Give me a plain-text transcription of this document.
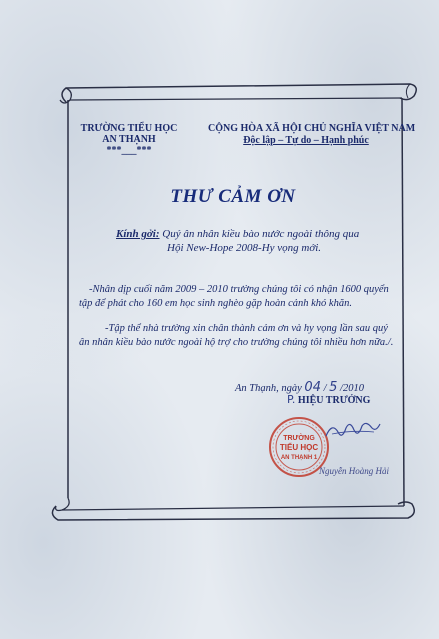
TRƯỜNG TIỂU HỌC
AN THẠNH
***___***
CỘNG HÒA XÃ HỘI CHỦ NGHĨA VIỆT NAM
Độc lập – Tự do – Hạnh phúc
THƯ CẢM ƠN
Kính gởi: Quý ân nhân kiều bào nước ngoài thông qua
Hội New-Hope 2008-Hy vọng mới.
-Nhân dịp cuối năm 2009 – 2010 trường chúng tôi có nhận 1600 quyển
tập để phát cho 160 em học sinh nghèo gặp hoàn cảnh khó khăn.
-Tập thể nhà trường xin chân thành cảm ơn và hy vọng lần sau quý
ân nhân kiều bào nước ngoài hộ trợ cho trường chúng tôi nhiều hơn nữa./.
An Thạnh, ngày 04 / 5 /2010
P. HIỆU TRƯỞNG
TRƯỜNG
TIỂU HỌC
AN THẠNH 1
Nguyễn Hoàng Hải
